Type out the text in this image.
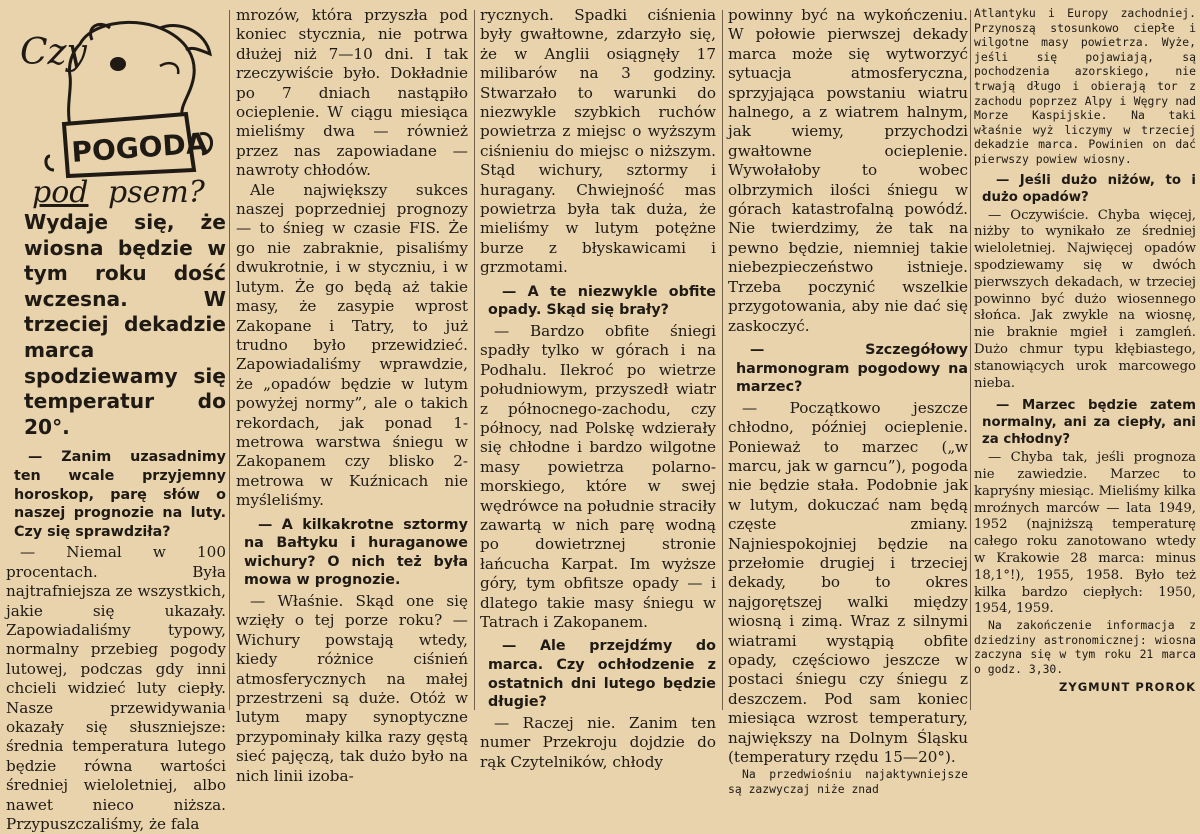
Czy
POGODA
pod psem?
Wydaje się, że wiosna będzie w tym roku dość wczesna. W trzeciej dekadzie marca spodziewamy się temperatur do 20°.

— Zanim uzasadnimy ten wcale przyjemny horoskop, parę słów o naszej prognozie na luty. Czy się sprawdziła?

— Niemal w 100 procentach. Była najtrafniejsza ze wszystkich, jakie się ukazały. Zapowiadaliśmy typowy, normalny przebieg pogody lutowej, podczas gdy inni chcieli widzieć luty ciepły. Nasze przewidywania okazały się słuszniejsze: średnia temperatura lutego będzie równa wartości średniej wieloletniej, albo nawet nieco niższa. Przypuszczaliśmy, że fala

mrozów, która przyszła pod koniec stycznia, nie potrwa dłużej niż 7—10 dni. I tak rzeczywiście było. Dokładnie po 7 dniach nastąpiło ocieplenie. W ciągu miesiąca mieliśmy dwa — również przez nas zapowiadane — nawroty chłodów.

Ale największy sukces naszej poprzedniej prognozy — to śnieg w czasie FIS. Że go nie zabraknie, pisaliśmy dwukrotnie, i w styczniu, i w lutym. Że go będą aż takie masy, że zasypie wprost Zakopane i Tatry, to już trudno było przewidzieć. Zapowiadaliśmy wprawdzie, że „opadów będzie w lutym powyżej normy”, ale o takich rekordach, jak ponad 1-metrowa warstwa śniegu w Zakopanem czy blisko 2-metrowa w Kuźnicach nie myśleliśmy.

— A kilkakrotne sztormy na Bałtyku i huraganowe wichury? O nich też była mowa w prognozie.

— Właśnie. Skąd one się wzięły o tej porze roku? — Wichury powstają wtedy, kiedy różnice ciśnień atmosferycznych na małej przestrzeni są duże. Otóż w lutym mapy synoptyczne przypominały kilka razy gęstą sieć pajęczą, tak dużo było na nich linii izoba-

rycznych. Spadki ciśnienia były gwałtowne, zdarzyło się, że w Anglii osiągnęły 17 milibarów na 3 godziny. Stwarzało to warunki do niezwykle szybkich ruchów powietrza z miejsc o wyższym ciśnieniu do miejsc o niższym. Stąd wichury, sztormy i huragany. Chwiejność mas powietrza była tak duża, że mieliśmy w lutym potężne burze z błyskawicami i grzmotami.

— A te niezwykle obfite opady. Skąd się brały?

— Bardzo obfite śniegi spadły tylko w górach i na Podhalu. Ilekroć po wietrze południowym, przyszedł wiatr z północnego-zachodu, czy północy, nad Polskę wdzierały się chłodne i bardzo wilgotne masy powietrza polarno-morskiego, które w swej wędrówce na południe straciły zawartą w nich parę wodną po dowietrznej stronie łańcucha Karpat. Im wyższe góry, tym obfitsze opady — i dlatego takie masy śniegu w Tatrach i Zakopanem.

— Ale przejdźmy do marca. Czy ochłodzenie z ostatnich dni lutego będzie długie?

— Raczej nie. Zanim ten numer Przekroju dojdzie do rąk Czytelników, chłody

powinny być na wykończeniu. W połowie pierwszej dekady marca może się wytworzyć sytuacja atmosferyczna, sprzyjająca powstaniu wiatru halnego, a z wiatrem halnym, jak wiemy, przychodzi gwałtowne ocieplenie. Wywołałoby to wobec olbrzymich ilości śniegu w górach katastrofalną powódź. Nie twierdzimy, że tak na pewno będzie, niemniej takie niebezpieczeństwo istnieje. Trzeba poczynić wszelkie przygotowania, aby nie dać się zaskoczyć.

— Szczegółowy harmonogram pogodowy na marzec?

— Początkowo jeszcze chłodno, później ocieplenie. Ponieważ to marzec („w marcu, jak w garncu”), pogoda nie będzie stała. Podobnie jak w lutym, dokuczać nam będą częste zmiany. Najniespokojniej będzie na przełomie drugiej i trzeciej dekady, bo to okres najgorętszej walki między wiosną i zimą. Wraz z silnymi wiatrami wystąpią obfite opady, częściowo jeszcze w postaci śniegu czy śniegu z deszczem. Pod sam koniec miesiąca wzrost temperatury, największy na Dolnym Śląsku (temperatury rzędu 15—20°).

Na przedwiośniu najaktywniejsze są zazwyczaj niże znad

Atlantyku i Europy zachodniej. Przynoszą stosunkowo ciepłe i wilgotne masy powietrza. Wyże, jeśli się pojawiają, są pochodzenia azorskiego, nie trwają długo i obierają tor z zachodu poprzez Alpy i Węgry nad Morze Kaspijskie. Na taki właśnie wyż liczymy w trzeciej dekadzie marca. Powinien on dać pierwszy powiew wiosny.

— Jeśli dużo niżów, to i dużo opadów?

— Oczywiście. Chyba więcej, niżby to wynikało ze średniej wieloletniej. Najwięcej opadów spodziewamy się w dwóch pierwszych dekadach, w trzeciej powinno być dużo wiosennego słońca. Jak zwykle na wiosnę, nie braknie mgieł i zamgleń. Dużo chmur typu kłębiastego, stanowiących urok marcowego nieba.

— Marzec będzie zatem normalny, ani za ciepły, ani za chłodny?

— Chyba tak, jeśli prognoza nie zawiedzie. Marzec to kapryśny miesiąc. Mieliśmy kilka mroźnych marców — lata 1949, 1952 (najniższą temperaturę całego roku zanotowano wtedy w Krakowie 28 marca: minus 18,1°!), 1955, 1958. Było też kilka bardzo ciepłych: 1950, 1954, 1959.

Na zakończenie informacja z dziedziny astronomicznej: wiosna zaczyna się w tym roku 21 marca o godz. 3,30.

ZYGMUNT PROROK
